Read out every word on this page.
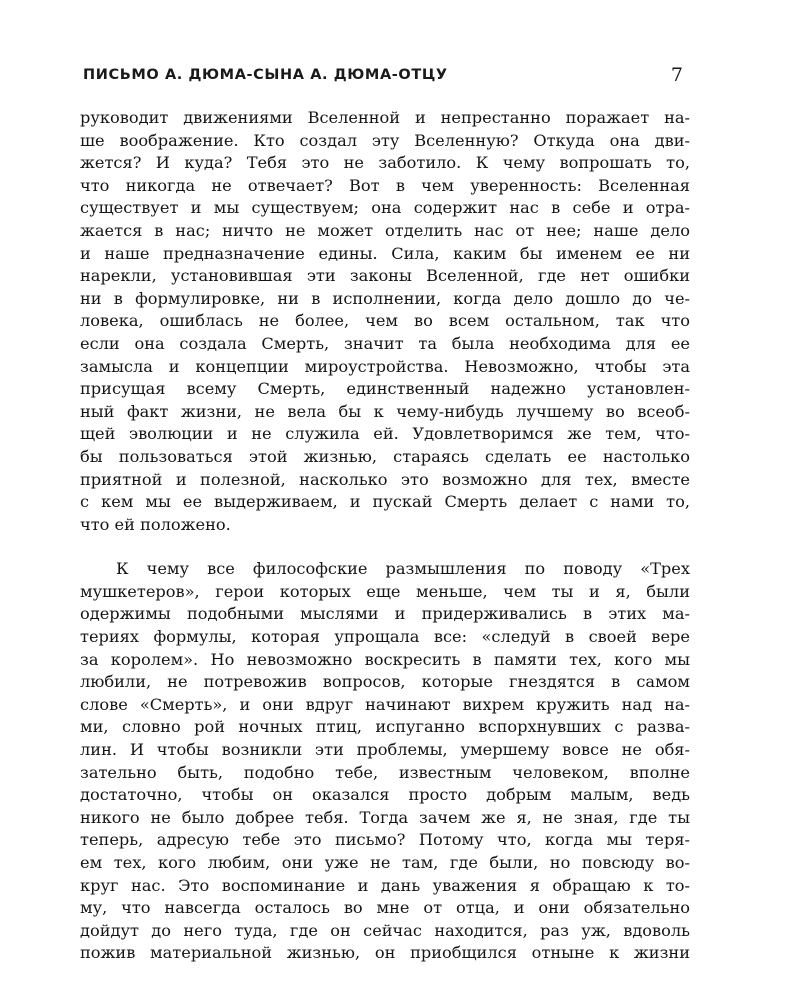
ПИСЬМО А. ДЮМА-СЫНА А. ДЮМА-ОТЦУ	7
руководит движениями Вселенной и непрестанно поражает на-
ше воображение. Кто создал эту Вселенную? Откуда она дви-
жется? И куда? Тебя это не заботило. К чему вопрошать то,
что никогда не отвечает? Вот в чем уверенность: Вселенная
существует и мы существуем; она содержит нас в себе и отра-
жается в нас; ничто не может отделить нас от нее; наше дело
и наше предназначение едины. Сила, каким бы именем ее ни
нарекли, установившая эти законы Вселенной, где нет ошибки
ни в формулировке, ни в исполнении, когда дело дошло до че-
ловека, ошиблась не более, чем во всем остальном, так что
если она создала Смерть, значит та была необходима для ее
замысла и концепции мироустройства. Невозможно, чтобы эта
присущая всему Смерть, единственный надежно установлен-
ный факт жизни, не вела бы к чему-нибудь лучшему во всеоб-
щей эволюции и не служила ей. Удовлетворимся же тем, что-
бы пользоваться этой жизнью, стараясь сделать ее настолько
приятной и полезной, насколько это возможно для тех, вместе
с кем мы ее выдерживаем, и пускай Смерть делает с нами то,
что ей положено.
К чему все философские размышления по поводу «Трех
мушкетеров», герои которых еще меньше, чем ты и я, были
одержимы подобными мыслями и придерживались в этих ма-
териях формулы, которая упрощала все: «следуй в своей вере
за королем». Но невозможно воскресить в памяти тех, кого мы
любили, не потревожив вопросов, которые гнездятся в самом
слове «Смерть», и они вдруг начинают вихрем кружить над на-
ми, словно рой ночных птиц, испуганно вспорхнувших с разва-
лин. И чтобы возникли эти проблемы, умершему вовсе не обя-
зательно быть, подобно тебе, известным человеком, вполне
достаточно, чтобы он оказался просто добрым малым, ведь
никого не было добрее тебя. Тогда зачем же я, не зная, где ты
теперь, адресую тебе это письмо? Потому что, когда мы теря-
ем тех, кого любим, они уже не там, где были, но повсюду во-
круг нас. Это воспоминание и дань уважения я обращаю к то-
му, что навсегда осталось во мне от отца, и они обязательно
дойдут до него туда, где он сейчас находится, раз уж, вдоволь
пожив материальной жизнью, он приобщился отныне к жизни
